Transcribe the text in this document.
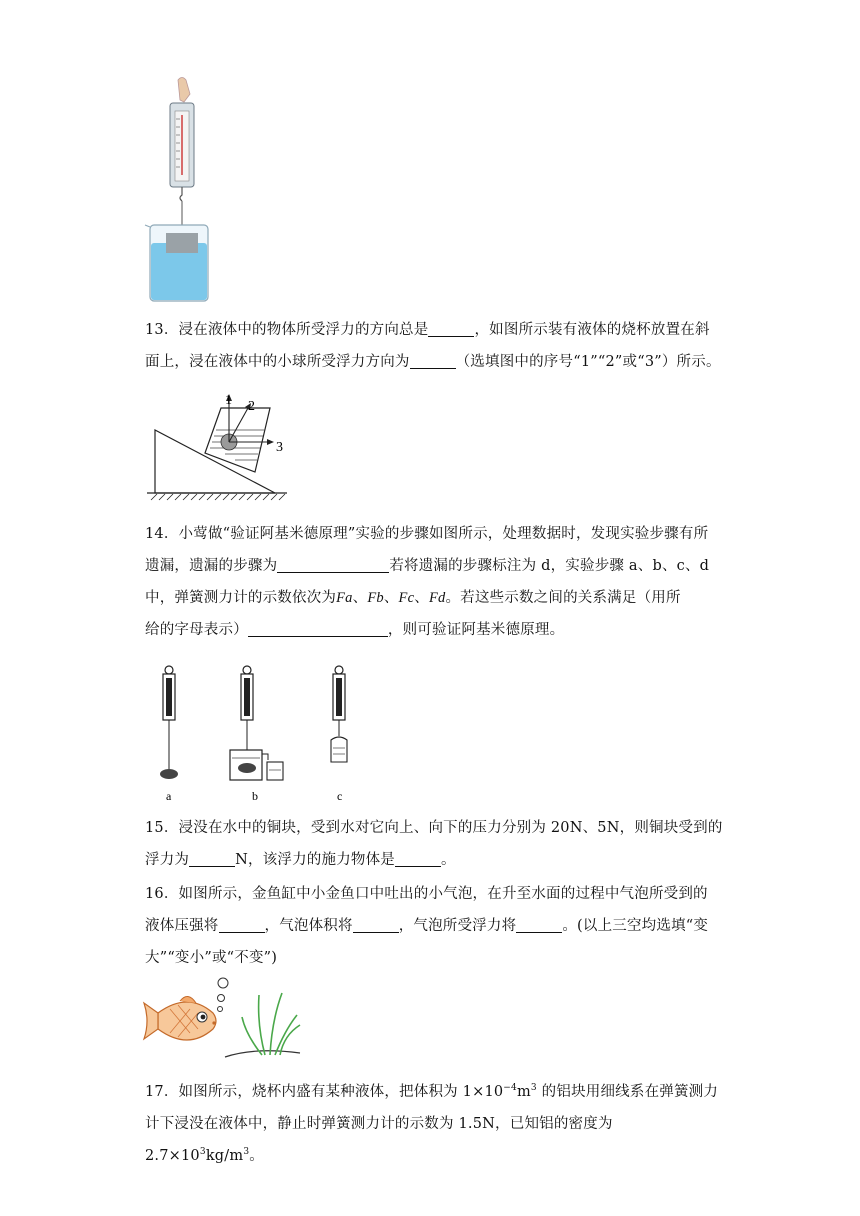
13．浸在液体中的物体所受浮力的方向总是	，如图所示装有液体的烧杯放置在斜
面上，浸在液体中的小球所受浮力方向为	（选填图中的序号“1”“2”或“3”）所示。
1 2
3
14．小莺做“验证阿基米德原理”实验的步骤如图所示，处理数据时，发现实验步骤有所
遗漏，遗漏的步骤为	若将遗漏的步骤标注为 d，实验步骤 a、b、c、d
中，弹簧测力计的示数依次为Fa、Fb、Fc、Fd。若这些示数之间的关系满足（用所
给的字母表示）	，则可验证阿基米德原理。
a	b	c
15．浸没在水中的铜块，受到水对它向上、向下的压力分别为 20N、5N，则铜块受到的
浮力为	N，该浮力的施力物体是	。
16．如图所示，金鱼缸中小金鱼口中吐出的小气泡，在升至水面的过程中气泡所受到的
液体压强将	，气泡体积将	，气泡所受浮力将	。(以上三空均选填“变
大”“变小”或“不变”)
17．如图所示，烧杯内盛有某种液体，把体积为 $1\times 10^{-4}m^3$ 的铝块用细线系在弹簧测力
计下浸没在液体中，静止时弹簧测力计的示数为 1.5N，已知铝的密度为 $2.7\times 10^3kg/m^3$。
